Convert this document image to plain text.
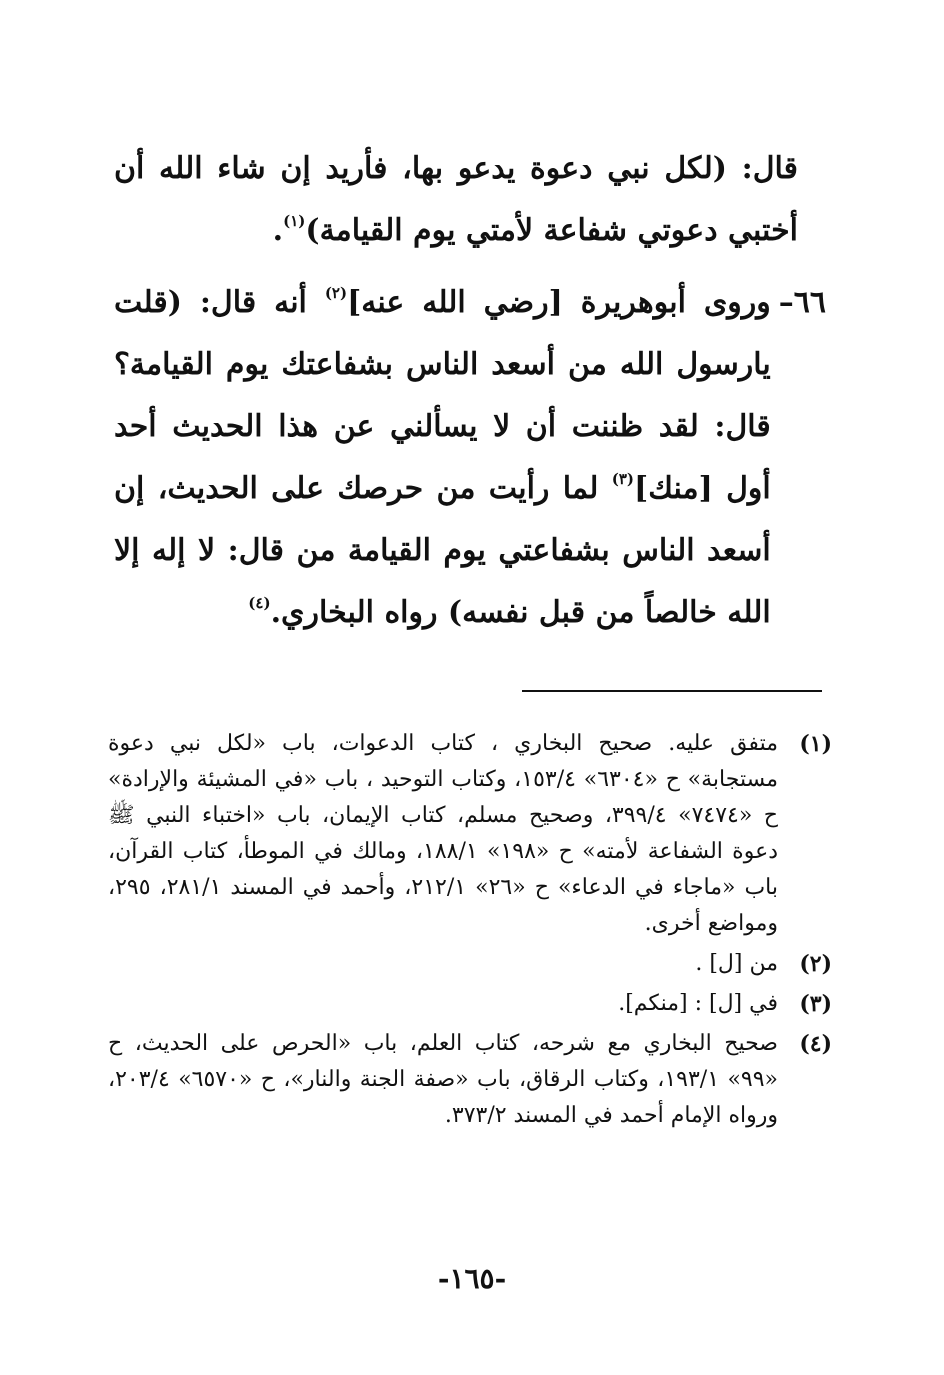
قال: (لكل نبي دعوة يدعو بها، فأريد إن شاء الله أن أختبي دعوتي شفاعة لأمتي يوم القيامة)$^{(١)}$.

٦٦–

وروى أبوهريرة [رضي الله عنه]$^{(٢)}$ أنه قال: (قلت يارسول الله من أسعد الناس بشفاعتك يوم القيامة؟ قال: لقد ظننت أن لا يسألني عن هذا الحديث أحد أول [منك]$^{(٣)}$ لما رأيت من حرصك على الحديث، إن أسعد الناس بشفاعتي يوم القيامة من قال: لا إله إلا الله خالصاً من قبل نفسه) رواه البخاري.$^{(٤)}$

(١)

متفق عليه. صحيح البخاري ، كتاب الدعوات، باب «لكل نبي دعوة مستجابة» ح «٦٣٠٤» ١٥٣/٤، وكتاب التوحيد ، باب «في المشيئة والإرادة» ح «٧٤٧٤» ٣٩٩/٤، وصحيح مسلم، كتاب الإيمان، باب «اختباء النبي ﷺ دعوة الشفاعة لأمته» ح «١٩٨» ١٨٨/١، ومالك في الموطأ، كتاب القرآن، باب «ماجاء في الدعاء» ح «٢٦» ٢١٢/١، وأحمد في المسند ٢٨١/١، ٢٩٥، ومواضع أخرى.

(٢)

من [ل] .

(٣)

في [ل] : [منكم].

(٤)

صحيح البخاري مع شرحه، كتاب العلم، باب «الحرص على الحديث، ح «٩٩» ١٩٣/١، وكتاب الرقاق، باب «صفة الجنة والنار»، ح «٦٥٧٠» ٢٠٣/٤، ورواه الإمام أحمد في المسند ٣٧٣/٢.

-١٦٥-
